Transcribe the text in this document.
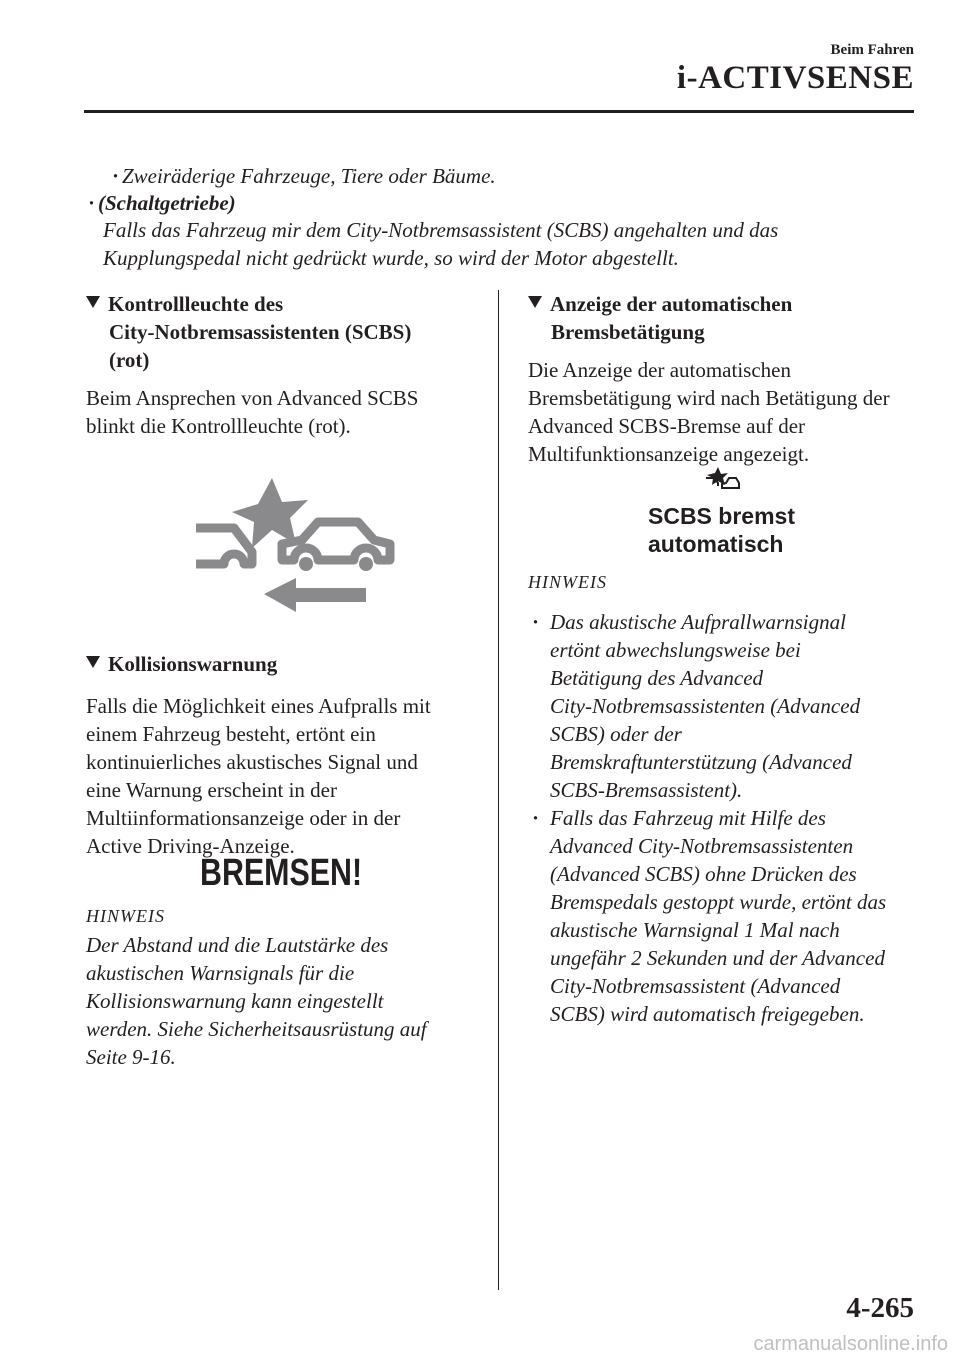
Beim Fahren
i-ACTIVSENSE
· Zweiräderige Fahrzeuge, Tiere oder Bäume.
· (Schaltgetriebe)
Falls das Fahrzeug mir dem City-Notbremsassistent (SCBS) angehalten und das
Kupplungspedal nicht gedrückt wurde, so wird der Motor abgestellt.
Kontrollleuchte des
City-Notbremsassistenten (SCBS)
(rot)
Beim Ansprechen von Advanced SCBS
blinkt die Kontrollleuchte (rot).
Kollisionswarnung
Falls die Möglichkeit eines Aufpralls mit
einem Fahrzeug besteht, ertönt ein
kontinuierliches akustisches Signal und
eine Warnung erscheint in der
Multiinformationsanzeige oder in der
Active Driving-Anzeige.
BREMSEN!
HINWEIS
Der Abstand und die Lautstärke des
akustischen Warnsignals für die
Kollisionswarnung kann eingestellt
werden. Siehe Sicherheitsausrüstung auf
Seite 9-16.
Anzeige der automatischen
Bremsbetätigung
Die Anzeige der automatischen
Bremsbetätigung wird nach Betätigung der
Advanced SCBS-Bremse auf der
Multifunktionsanzeige angezeigt.
SCBS bremst
automatisch
HINWEIS
· Das akustische Aufprallwarnsignal
ertönt abwechslungsweise bei
Betätigung des Advanced
City-Notbremsassistenten (Advanced
SCBS) oder der
Bremskraftunterstützung (Advanced
SCBS-Bremsassistent).
· Falls das Fahrzeug mit Hilfe des
Advanced City-Notbremsassistenten
(Advanced SCBS) ohne Drücken des
Bremspedals gestoppt wurde, ertönt das
akustische Warnsignal 1 Mal nach
ungefähr 2 Sekunden und der Advanced
City-Notbremsassistent (Advanced
SCBS) wird automatisch freigegeben.
4-265
carmanualsonline.info
